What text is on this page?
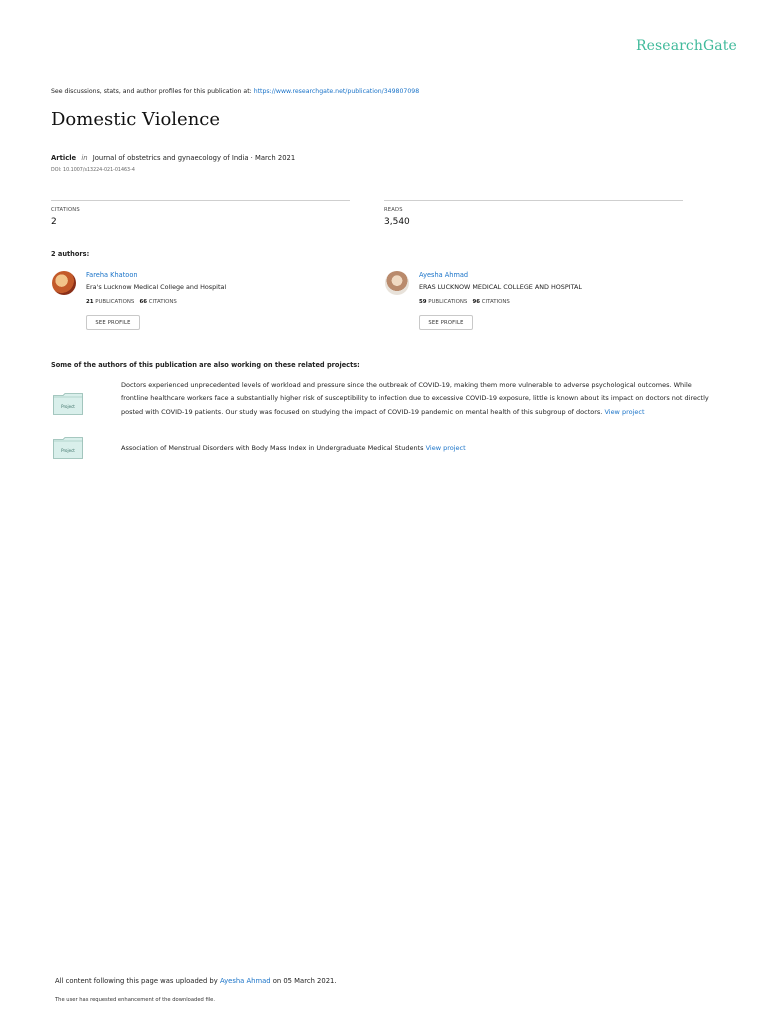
ResearchGate
See discussions, stats, and author profiles for this publication at: https://www.researchgate.net/publication/349807098
Domestic Violence
Article in Journal of obstetrics and gynaecology of India · March 2021
DOI: 10.1007/s13224-021-01463-4
CITATIONS
2
READS
3,540
2 authors:
Fareha Khatoon
Era's Lucknow Medical College and Hospital
21 PUBLICATIONS 66 CITATIONS
SEE PROFILE
Ayesha Ahmad
ERAS LUCKNOW MEDICAL COLLEGE AND HOSPITAL
59 PUBLICATIONS 96 CITATIONS
SEE PROFILE
Some of the authors of this publication are also working on these related projects:
Project
Doctors experienced unprecedented levels of workload and pressure since the outbreak of COVID-19, making them more vulnerable to adverse psychological outcomes. While frontline healthcare workers face a substantially higher risk of susceptibility to infection due to excessive COVID-19 exposure, little is known about its impact on doctors not directly posted with COVID-19 patients. Our study was focused on studying the impact of COVID-19 pandemic on mental health of this subgroup of doctors. View project
Project	Association of Menstrual Disorders with Body Mass Index in Undergraduate Medical Students View project
All content following this page was uploaded by Ayesha Ahmad on 05 March 2021.
The user has requested enhancement of the downloaded file.
